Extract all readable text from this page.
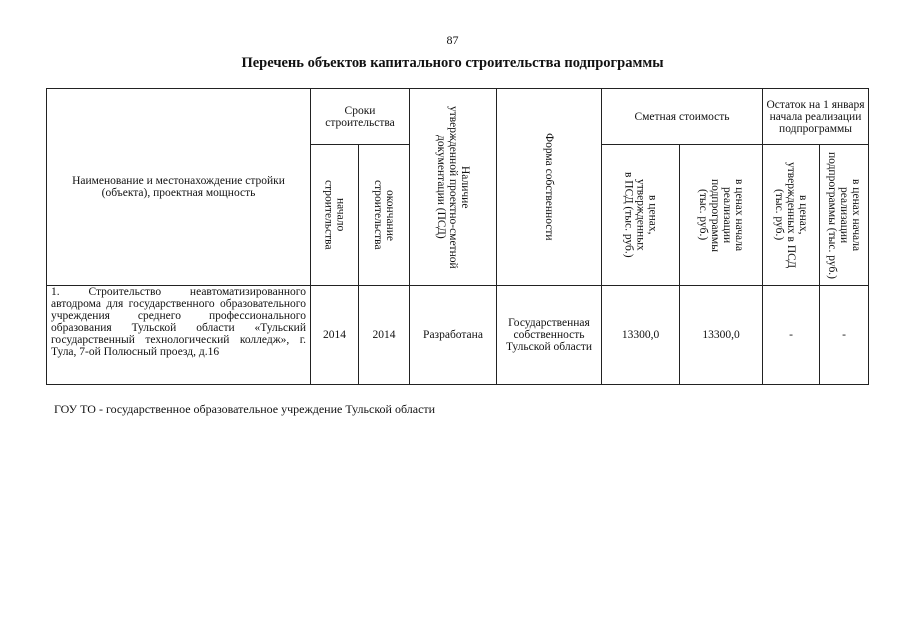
87
Перечень объектов капитального строительства подпрограммы
Наименование и местонахождение стройки (объекта), проектная мощность	Сроки строительства		Наличие
утвержденной проектно-сметной
документации (ПСД)	Форма собственности	Сметная стоимость		Остаток на 1 января начала реализации подпрограммы	

	начало
строительства	окончание
строительства			в ценах,
утвержденных
в ПСД (тыс. руб.)	в ценах начала
реализации
подпрограммы
(тыс. руб.)	в ценах,
утвержденных в ПСД
(тыс. руб.)	в ценах начала
реализации
подпрограммы (тыс. руб.)

1. Строительство неавтоматизированного автодрома для государственного образовательного учреждения среднего профессионального образования Тульской области «Тульский государственный технологический колледж», г. Тула, 7-ой Полюсный проезд, д.16	2014	2014	Разработана	Государственная собственность Тульской области	13300,0	13300,0	-	-
ГОУ ТО - государственное образовательное учреждение Тульской области
